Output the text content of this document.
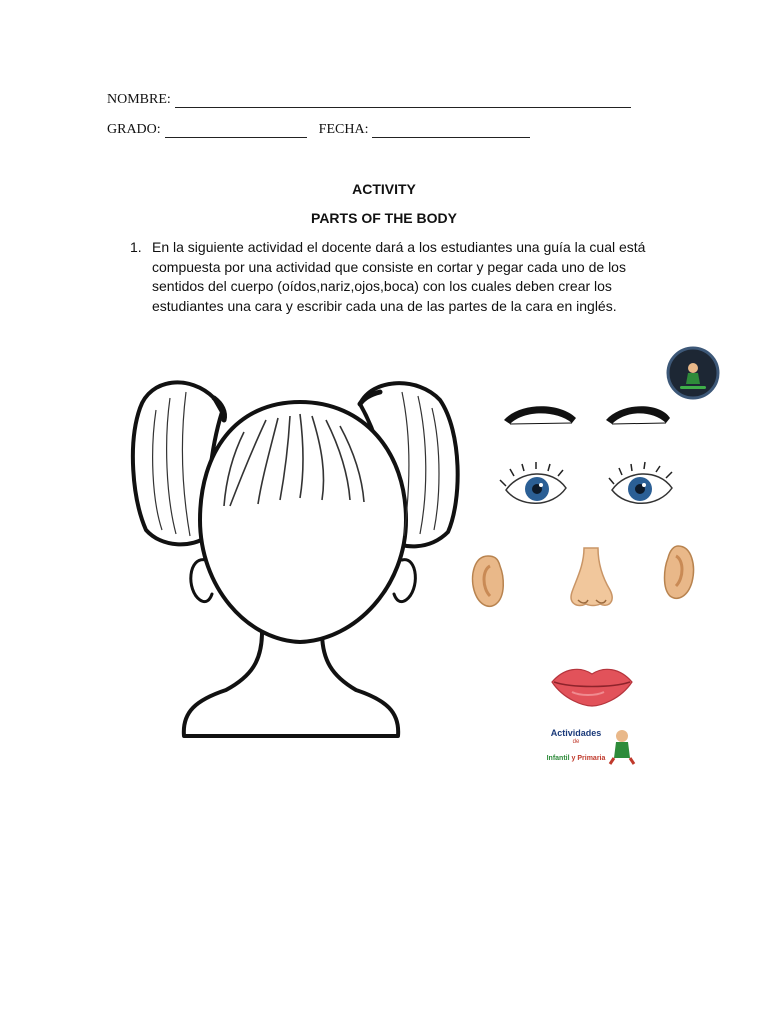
NOMBRE:
GRADO:	FECHA:
ACTIVITY
PARTS OF THE BODY
1. En la siguiente actividad el docente dará a los estudiantes una guía la cual está compuesta por una actividad que consiste en cortar y pegar cada uno de los sentidos del cuerpo (oídos,nariz,ojos,boca) con los cuales deben crear los estudiantes una cara y escribir cada una de las partes de la cara en inglés.
Actividades
de
Infantil y Primaria
